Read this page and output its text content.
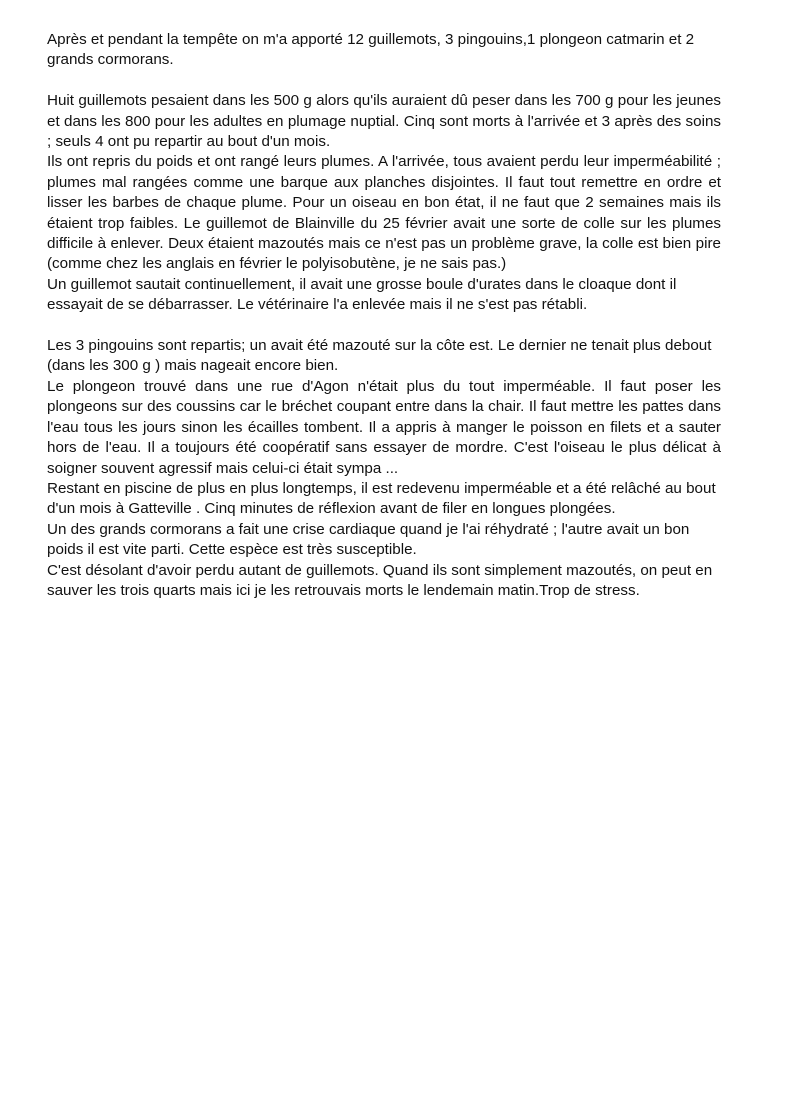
Après et pendant la tempête on m'a apporté 12 guillemots, 3 pingouins,1 plongeon catmarin et 2 grands cormorans.

Huit guillemots pesaient dans les 500 g alors qu'ils auraient dû peser dans les 700 g pour les jeunes et dans les 800 pour les adultes en plumage nuptial. Cinq sont morts à l'arrivée et 3 après des soins ; seuls 4 ont pu repartir au bout d'un mois.

Ils ont repris du poids et ont rangé leurs plumes. A l'arrivée, tous avaient perdu leur imperméabilité ; plumes mal rangées comme une barque aux planches disjointes. Il faut tout remettre en ordre et lisser les barbes de chaque plume. Pour un oiseau en bon état, il ne faut que 2 semaines mais ils étaient trop faibles. Le guillemot de Blainville du 25 février avait une sorte de colle sur les plumes difficile à enlever. Deux étaient mazoutés mais ce n'est pas un problème grave, la colle est bien pire (comme chez les anglais en février le polyisobutène, je ne sais pas.)

Un guillemot sautait continuellement, il avait une grosse boule d'urates dans le cloaque dont il essayait de se débarrasser. Le vétérinaire l'a enlevée mais il ne s'est pas rétabli.

Les 3 pingouins sont repartis; un avait été mazouté sur la côte est. Le dernier ne tenait plus debout (dans les 300 g ) mais nageait encore bien.

Le plongeon trouvé dans une rue d'Agon n'était plus du tout imperméable. Il faut poser les plongeons sur des coussins car le bréchet coupant entre dans la chair. Il faut mettre les pattes dans l'eau tous les jours sinon les écailles tombent. Il a appris à manger le poisson en filets et a sauter hors de l'eau. Il a toujours été coopératif sans essayer de mordre. C'est l'oiseau le plus délicat à soigner souvent agressif mais celui-ci était sympa ...

Restant en piscine de plus en plus longtemps, il est redevenu imperméable et a été relâché au bout d'un mois à Gatteville . Cinq minutes de réflexion avant de filer en longues plongées.

Un des grands cormorans a fait une crise cardiaque quand je l'ai réhydraté ; l'autre avait un bon poids il est vite parti. Cette espèce est très susceptible.

C'est désolant d'avoir perdu autant de guillemots. Quand ils sont simplement mazoutés, on peut en sauver les trois quarts mais ici je les retrouvais morts le lendemain matin.Trop de stress.
